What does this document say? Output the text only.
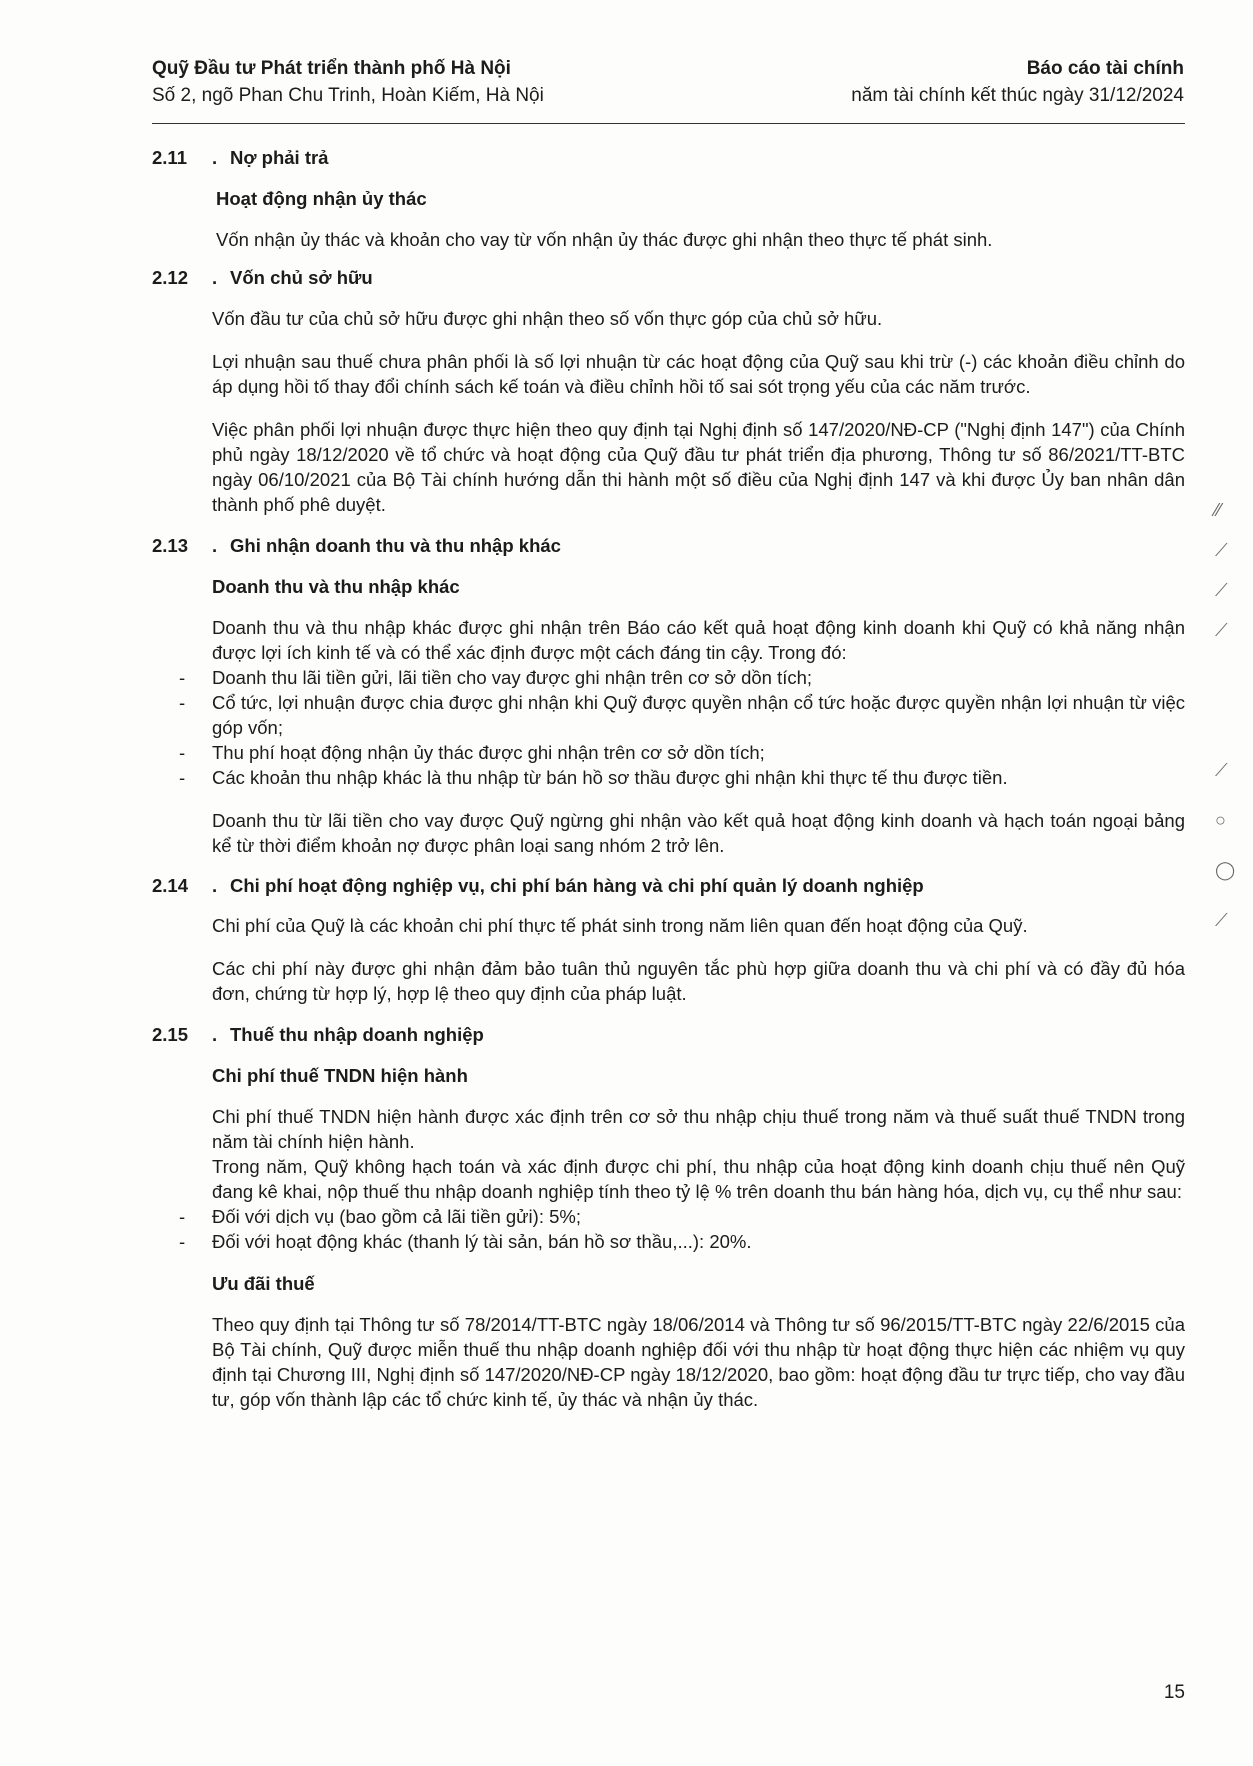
Quỹ Đầu tư Phát triển thành phố Hà Nội	Báo cáo tài chính
Số 2, ngõ Phan Chu Trinh, Hoàn Kiếm, Hà Nội	năm tài chính kết thúc ngày 31/12/2024
2.11	. Nợ phải trả
Hoạt động nhận ủy thác

Vốn nhận ủy thác và khoản cho vay từ vốn nhận ủy thác được ghi nhận theo thực tế phát sinh.

2.12	. Vốn chủ sở hữu

Vốn đầu tư của chủ sở hữu được ghi nhận theo số vốn thực góp của chủ sở hữu.

Lợi nhuận sau thuế chưa phân phối là số lợi nhuận từ các hoạt động của Quỹ sau khi trừ (-) các khoản điều chỉnh do áp dụng hồi tố thay đổi chính sách kế toán và điều chỉnh hồi tố sai sót trọng yếu của các năm trước.

Việc phân phối lợi nhuận được thực hiện theo quy định tại Nghị định số 147/2020/NĐ-CP ("Nghị định 147") của Chính phủ ngày 18/12/2020 về tổ chức và hoạt động của Quỹ đầu tư phát triển địa phương, Thông tư số 86/2021/TT-BTC ngày 06/10/2021 của Bộ Tài chính hướng dẫn thi hành một số điều của Nghị định 147 và khi được Ủy ban nhân dân thành phố phê duyệt.

2.13	. Ghi nhận doanh thu và thu nhập khác
Doanh thu và thu nhập khác

Doanh thu và thu nhập khác được ghi nhận trên Báo cáo kết quả hoạt động kinh doanh khi Quỹ có khả năng nhận được lợi ích kinh tế và có thể xác định được một cách đáng tin cậy. Trong đó:

- Doanh thu lãi tiền gửi, lãi tiền cho vay được ghi nhận trên cơ sở dồn tích;
- Cổ tức, lợi nhuận được chia được ghi nhận khi Quỹ được quyền nhận cổ tức hoặc được quyền nhận lợi nhuận từ việc góp vốn;
- Thu phí hoạt động nhận ủy thác được ghi nhận trên cơ sở dồn tích;
- Các khoản thu nhập khác là thu nhập từ bán hồ sơ thầu được ghi nhận khi thực tế thu được tiền.

Doanh thu từ lãi tiền cho vay được Quỹ ngừng ghi nhận vào kết quả hoạt động kinh doanh và hạch toán ngoại bảng kể từ thời điểm khoản nợ được phân loại sang nhóm 2 trở lên.

2.14	. Chi phí hoạt động nghiệp vụ, chi phí bán hàng và chi phí quản lý doanh nghiệp

Chi phí của Quỹ là các khoản chi phí thực tế phát sinh trong năm liên quan đến hoạt động của Quỹ.

Các chi phí này được ghi nhận đảm bảo tuân thủ nguyên tắc phù hợp giữa doanh thu và chi phí và có đầy đủ hóa đơn, chứng từ hợp lý, hợp lệ theo quy định của pháp luật.

2.15	. Thuế thu nhập doanh nghiệp
Chi phí thuế TNDN hiện hành

Chi phí thuế TNDN hiện hành được xác định trên cơ sở thu nhập chịu thuế trong năm và thuế suất thuế TNDN trong năm tài chính hiện hành.

Trong năm, Quỹ không hạch toán và xác định được chi phí, thu nhập của hoạt động kinh doanh chịu thuế nên Quỹ đang kê khai, nộp thuế thu nhập doanh nghiệp tính theo tỷ lệ % trên doanh thu bán hàng hóa, dịch vụ, cụ thể như sau:

- Đối với dịch vụ (bao gồm cả lãi tiền gửi): 5%;
- Đối với hoạt động khác (thanh lý tài sản, bán hồ sơ thầu,...): 20%.
Ưu đãi thuế

Theo quy định tại Thông tư số 78/2014/TT-BTC ngày 18/06/2014 và Thông tư số 96/2015/TT-BTC ngày 22/6/2015 của Bộ Tài chính, Quỹ được miễn thuế thu nhập doanh nghiệp đối với thu nhập từ hoạt động thực hiện các nhiệm vụ quy định tại Chương III, Nghị định số 147/2020/NĐ-CP ngày 18/12/2020, bao gồm: hoạt động đầu tư trực tiếp, cho vay đầu tư, góp vốn thành lập các tổ chức kinh tế, ủy thác và nhận ủy thác.

⁄⁄
⟋
⟋
⟋
⟋
○
◯
⟋
15
